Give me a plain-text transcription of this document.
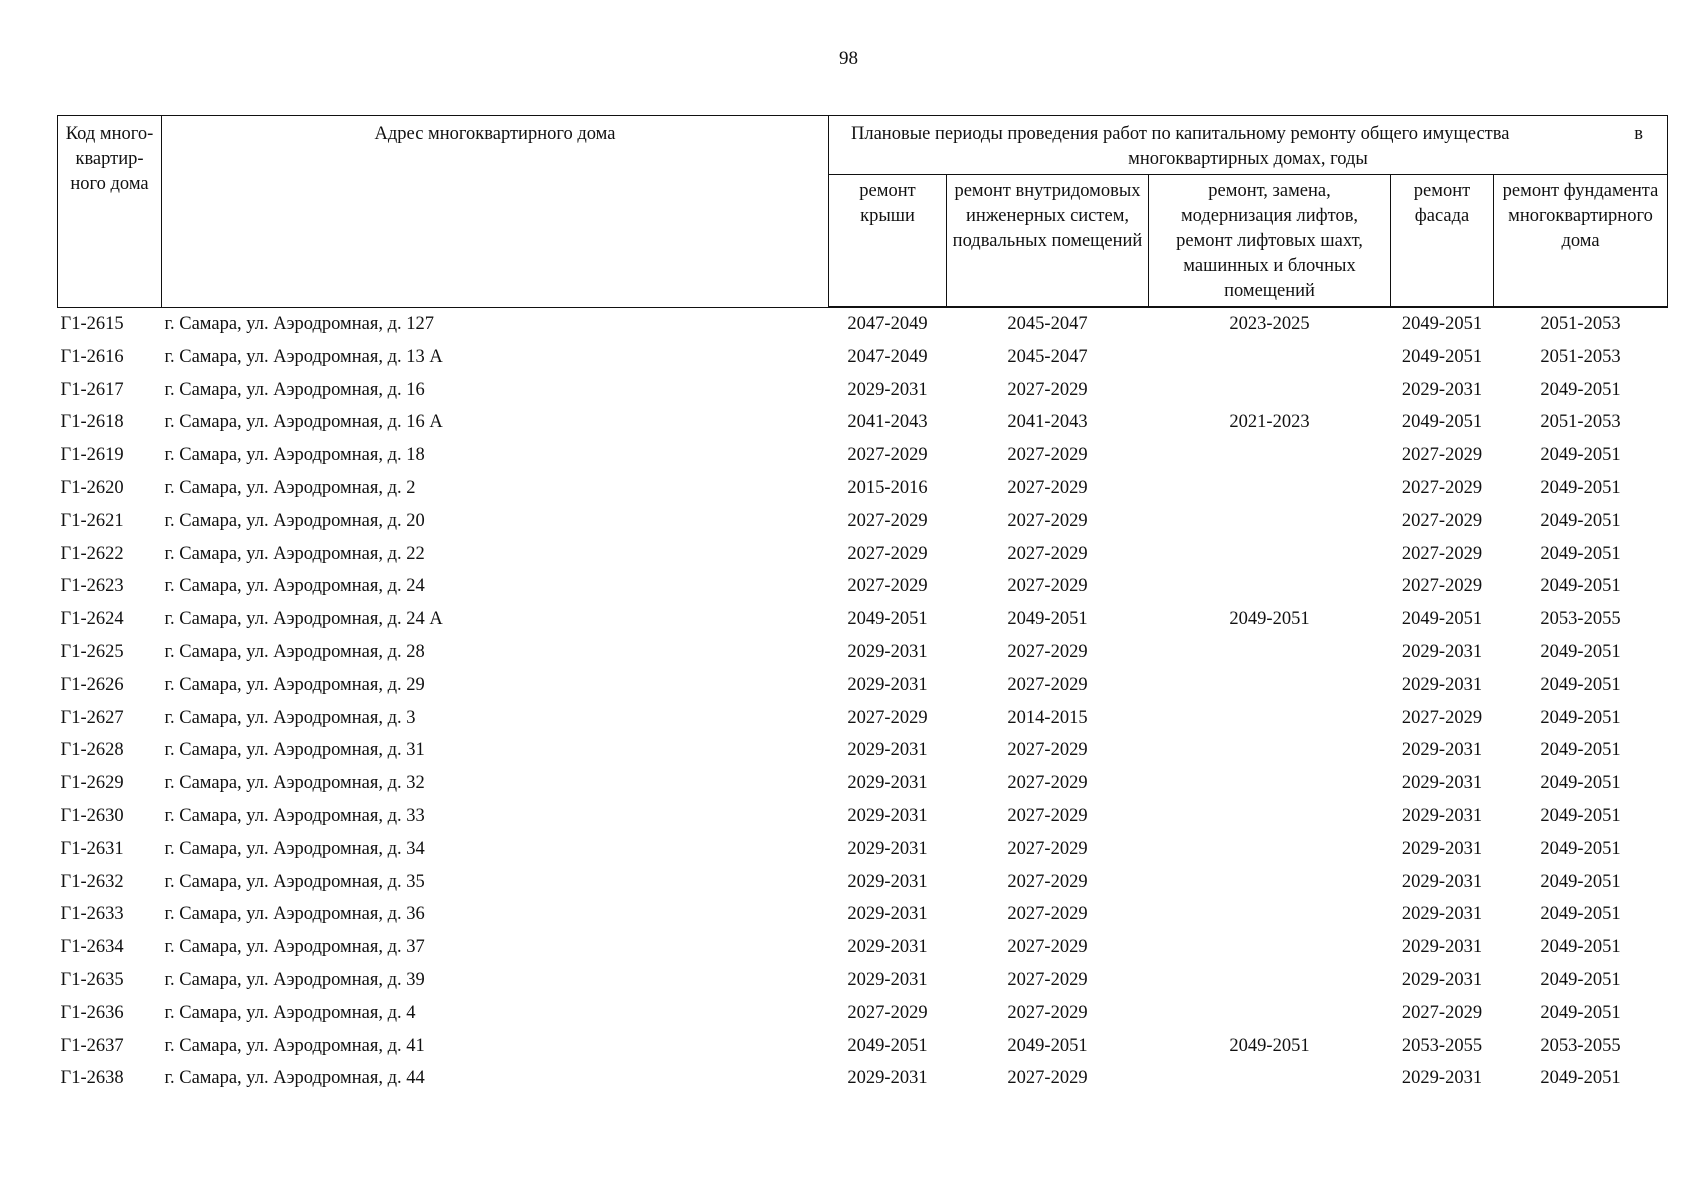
98
Код много-квартир-ного дома	Адрес многоквартирного дома	Плановые периоды проведения работ по капитальному ремонту общего имущества в
многоквартирных домах, годы				

		ремонт крыши	ремонт внутридомовых инженерных систем, подвальных помещений	ремонт, замена, модернизация лифтов, ремонт лифтовых шахт, машинных и блочных помещений	ремонт фасада	ремонт фундамента многоквартирного дома
Г1-2615	г. Самара, ул. Аэродромная, д. 127	2047-2049	2045-2047	2023-2025	2049-2051	2051-2053
Г1-2616	г. Самара, ул. Аэродромная, д. 13 А	2047-2049	2045-2047		2049-2051	2051-2053
Г1-2617	г. Самара, ул. Аэродромная, д. 16	2029-2031	2027-2029		2029-2031	2049-2051
Г1-2618	г. Самара, ул. Аэродромная, д. 16 А	2041-2043	2041-2043	2021-2023	2049-2051	2051-2053
Г1-2619	г. Самара, ул. Аэродромная, д. 18	2027-2029	2027-2029		2027-2029	2049-2051
Г1-2620	г. Самара, ул. Аэродромная, д. 2	2015-2016	2027-2029		2027-2029	2049-2051
Г1-2621	г. Самара, ул. Аэродромная, д. 20	2027-2029	2027-2029		2027-2029	2049-2051
Г1-2622	г. Самара, ул. Аэродромная, д. 22	2027-2029	2027-2029		2027-2029	2049-2051
Г1-2623	г. Самара, ул. Аэродромная, д. 24	2027-2029	2027-2029		2027-2029	2049-2051
Г1-2624	г. Самара, ул. Аэродромная, д. 24 А	2049-2051	2049-2051	2049-2051	2049-2051	2053-2055
Г1-2625	г. Самара, ул. Аэродромная, д. 28	2029-2031	2027-2029		2029-2031	2049-2051
Г1-2626	г. Самара, ул. Аэродромная, д. 29	2029-2031	2027-2029		2029-2031	2049-2051
Г1-2627	г. Самара, ул. Аэродромная, д. 3	2027-2029	2014-2015		2027-2029	2049-2051
Г1-2628	г. Самара, ул. Аэродромная, д. 31	2029-2031	2027-2029		2029-2031	2049-2051
Г1-2629	г. Самара, ул. Аэродромная, д. 32	2029-2031	2027-2029		2029-2031	2049-2051
Г1-2630	г. Самара, ул. Аэродромная, д. 33	2029-2031	2027-2029		2029-2031	2049-2051
Г1-2631	г. Самара, ул. Аэродромная, д. 34	2029-2031	2027-2029		2029-2031	2049-2051
Г1-2632	г. Самара, ул. Аэродромная, д. 35	2029-2031	2027-2029		2029-2031	2049-2051
Г1-2633	г. Самара, ул. Аэродромная, д. 36	2029-2031	2027-2029		2029-2031	2049-2051
Г1-2634	г. Самара, ул. Аэродромная, д. 37	2029-2031	2027-2029		2029-2031	2049-2051
Г1-2635	г. Самара, ул. Аэродромная, д. 39	2029-2031	2027-2029		2029-2031	2049-2051
Г1-2636	г. Самара, ул. Аэродромная, д. 4	2027-2029	2027-2029		2027-2029	2049-2051
Г1-2637	г. Самара, ул. Аэродромная, д. 41	2049-2051	2049-2051	2049-2051	2053-2055	2053-2055
Г1-2638	г. Самара, ул. Аэродромная, д. 44	2029-2031	2027-2029		2029-2031	2049-2051
